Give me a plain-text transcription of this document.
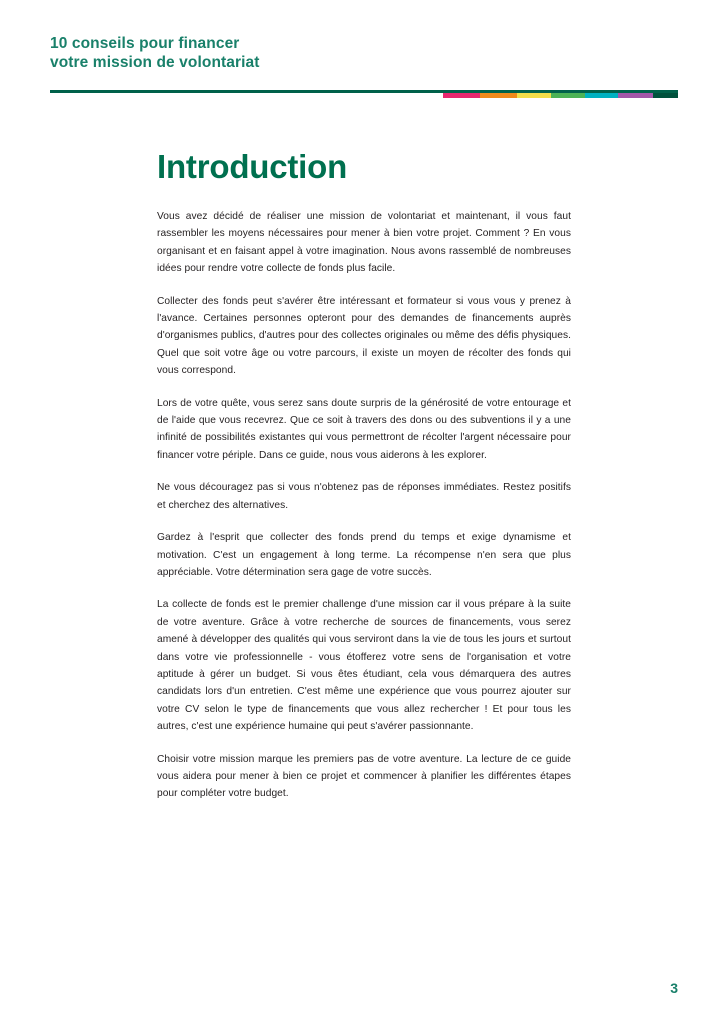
10 conseils pour financer
votre mission de volontariat
Introduction

Vous avez décidé de réaliser une mission de volontariat et maintenant, il vous faut rassembler les moyens nécessaires pour mener à bien votre projet. Comment ? En vous organisant et en faisant appel à votre imagination. Nous avons rassemblé de nombreuses idées pour rendre votre collecte de fonds plus facile.

Collecter des fonds peut s'avérer être intéressant et formateur si vous vous y prenez à l'avance. Certaines personnes opteront pour des demandes de financements auprès d'organismes publics, d'autres pour des collectes originales ou même des défis physiques. Quel que soit votre âge ou votre parcours, il existe un moyen de récolter des fonds qui vous correspond.

Lors de votre quête, vous serez sans doute surpris de la générosité de votre entourage et de l'aide que vous recevrez. Que ce soit à travers des dons ou des subventions il y a une infinité de possibilités existantes qui vous permettront de récolter l'argent nécessaire pour financer votre périple. Dans ce guide, nous vous aiderons à les explorer.

Ne vous découragez pas si vous n'obtenez pas de réponses immédiates. Restez positifs et cherchez des alternatives.

Gardez à l'esprit que collecter des fonds prend du temps et exige dynamisme et motivation. C'est un engagement à long terme. La récompense n'en sera que plus appréciable. Votre détermination sera gage de votre succès.

La collecte de fonds est le premier challenge d'une mission car il vous prépare à la suite de votre aventure. Grâce à votre recherche de sources de financements, vous serez amené à développer des qualités qui vous serviront dans la vie de tous les jours et surtout dans votre vie professionnelle - vous étofferez votre sens de l'organisation et votre aptitude à gérer un budget. Si vous êtes étudiant, cela vous démarquera des autres candidats lors d'un entretien. C'est même une expérience que vous pourrez ajouter sur votre CV selon le type de financements que vous allez rechercher ! Et pour tous les autres, c'est une expérience humaine qui peut s'avérer passionnante.

Choisir votre mission marque les premiers pas de votre aventure. La lecture de ce guide vous aidera pour mener à bien ce projet et commencer à planifier les différentes étapes pour compléter votre budget.

3
